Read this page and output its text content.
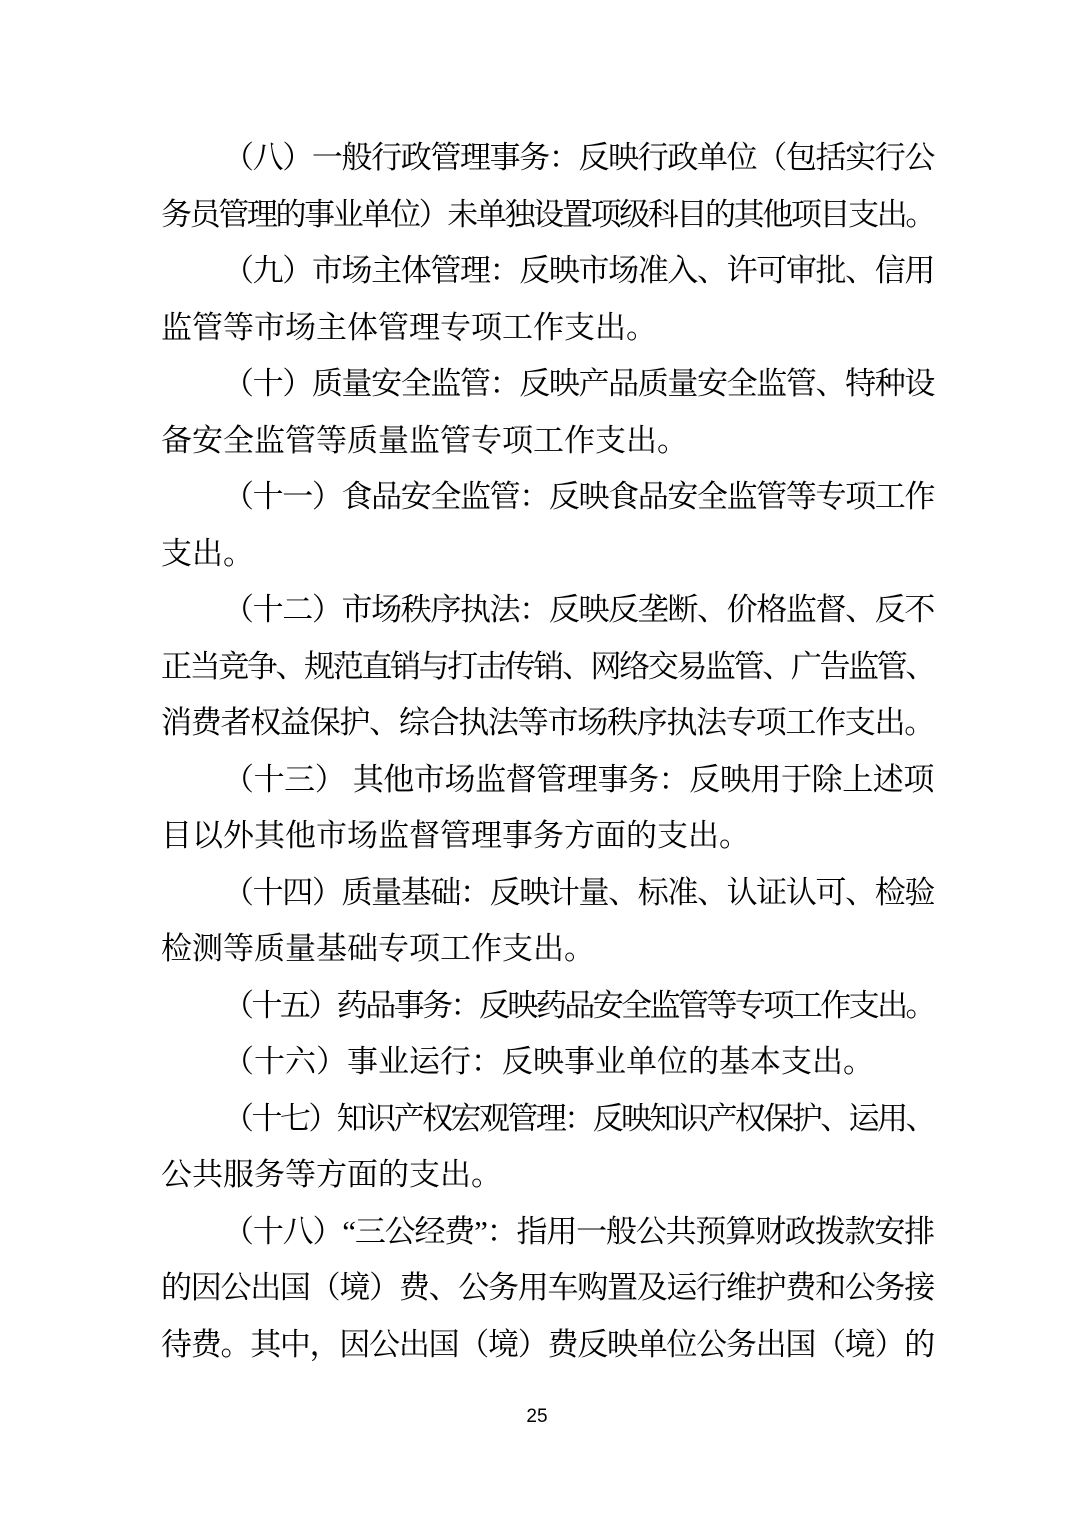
（八）一般行政管理事务：反映行政单位（包括实行公
务员管理的事业单位）未单独设置项级科目的其他项目支出。
（九）市场主体管理：反映市场准入、许可审批、信用
监管等市场主体管理专项工作支出。
（十）质量安全监管：反映产品质量安全监管、特种设
备安全监管等质量监管专项工作支出。
（十一）食品安全监管：反映食品安全监管等专项工作
支出。
（十二）市场秩序执法：反映反垄断、价格监督、反不
正当竞争、规范直销与打击传销、网络交易监管、广告监管、
消费者权益保护、综合执法等市场秩序执法专项工作支出。
（十三） 其他市场监督管理事务：反映用于除上述项
目以外其他市场监督管理事务方面的支出。
（十四）质量基础：反映计量、标准、认证认可、检验
检测等质量基础专项工作支出。
（十五）药品事务：反映药品安全监管等专项工作支出。
（十六）事业运行：反映事业单位的基本支出。
（十七）知识产权宏观管理：反映知识产权保护、运用、
公共服务等方面的支出。
（十八）“三公经费”：指用一般公共预算财政拨款安排
的因公出国（境）费、公务用车购置及运行维护费和公务接
待费。其中，因公出国（境）费反映单位公务出国（境）的
25
